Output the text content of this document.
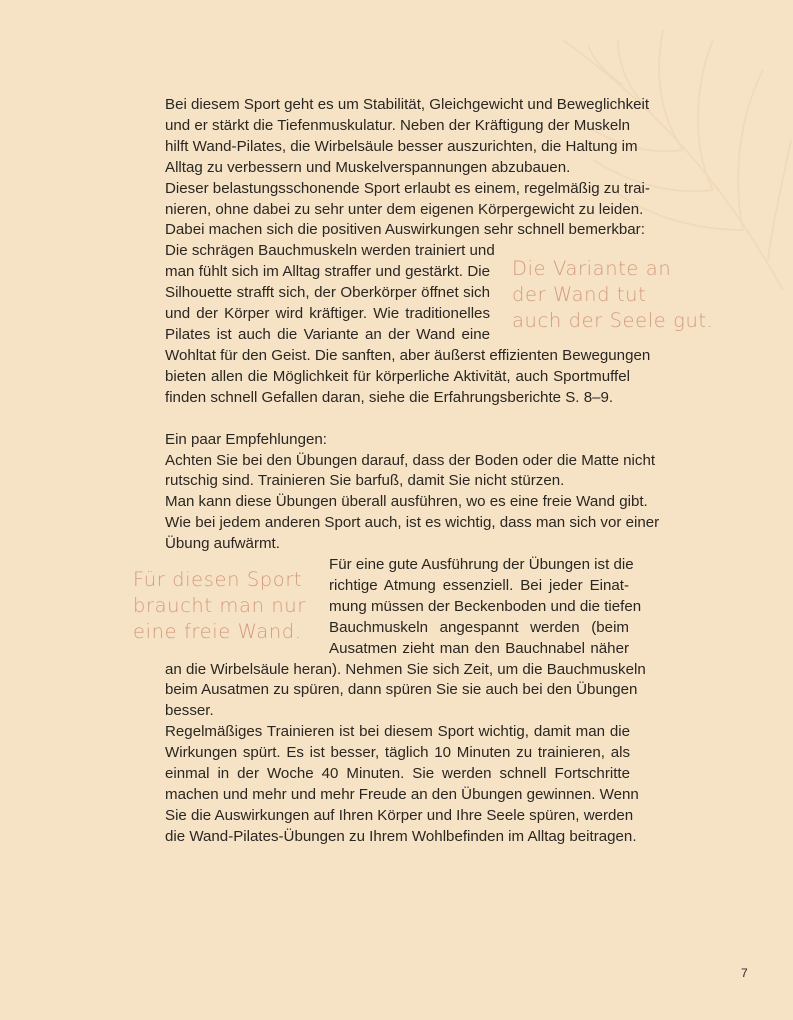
Bei diesem Sport geht es um Stabilität, Gleichgewicht und Beweglichkeit
und er stärkt die Tiefenmuskulatur. Neben der Kräftigung der Muskeln
hilft Wand-Pilates, die Wirbelsäule besser auszurichten, die Haltung im
Alltag zu verbessern und Muskelverspannungen abzubauen.
Dieser belastungsschonende Sport erlaubt es einem, regelmäßig zu trai-
nieren, ohne dabei zu sehr unter dem eigenen Körpergewicht zu leiden.
Dabei machen sich die positiven Auswirkungen sehr schnell bemerkbar:
Die schrägen Bauchmuskeln werden trainiert und
man fühlt sich im Alltag straffer und gestärkt. Die
Silhouette strafft sich, der Oberkörper öffnet sich
und der Körper wird kräftiger. Wie traditionelles
Pilates ist auch die Variante an der Wand eine
Wohltat für den Geist. Die sanften, aber äußerst effizienten Bewegungen
bieten allen die Möglichkeit für körperliche Aktivität, auch Sportmuffel
finden schnell Gefallen daran, siehe die Erfahrungsberichte S. 8–9.
Ein paar Empfehlungen:
Achten Sie bei den Übungen darauf, dass der Boden oder die Matte nicht
rutschig sind. Trainieren Sie barfuß, damit Sie nicht stürzen.
Man kann diese Übungen überall ausführen, wo es eine freie Wand gibt.
Wie bei jedem anderen Sport auch, ist es wichtig, dass man sich vor einer
Übung aufwärmt.
Für eine gute Ausführung der Übungen ist die
richtige Atmung essenziell. Bei jeder Einat-
mung müssen der Beckenboden und die tiefen
Bauchmuskeln angespannt werden (beim
Ausatmen zieht man den Bauchnabel näher
an die Wirbelsäule heran). Nehmen Sie sich Zeit, um die Bauchmuskeln
beim Ausatmen zu spüren, dann spüren Sie sie auch bei den Übungen
besser.
Regelmäßiges Trainieren ist bei diesem Sport wichtig, damit man die
Wirkungen spürt. Es ist besser, täglich 10 Minuten zu trainieren, als
einmal in der Woche 40 Minuten. Sie werden schnell Fortschritte
machen und mehr und mehr Freude an den Übungen gewinnen. Wenn
Sie die Auswirkungen auf Ihren Körper und Ihre Seele spüren, werden
die Wand-Pilates-Übungen zu Ihrem Wohlbefinden im Alltag beitragen.
Die Variante an
der Wand tut
auch der Seele gut.
Für diesen Sport
braucht man nur
eine freie Wand.
7
